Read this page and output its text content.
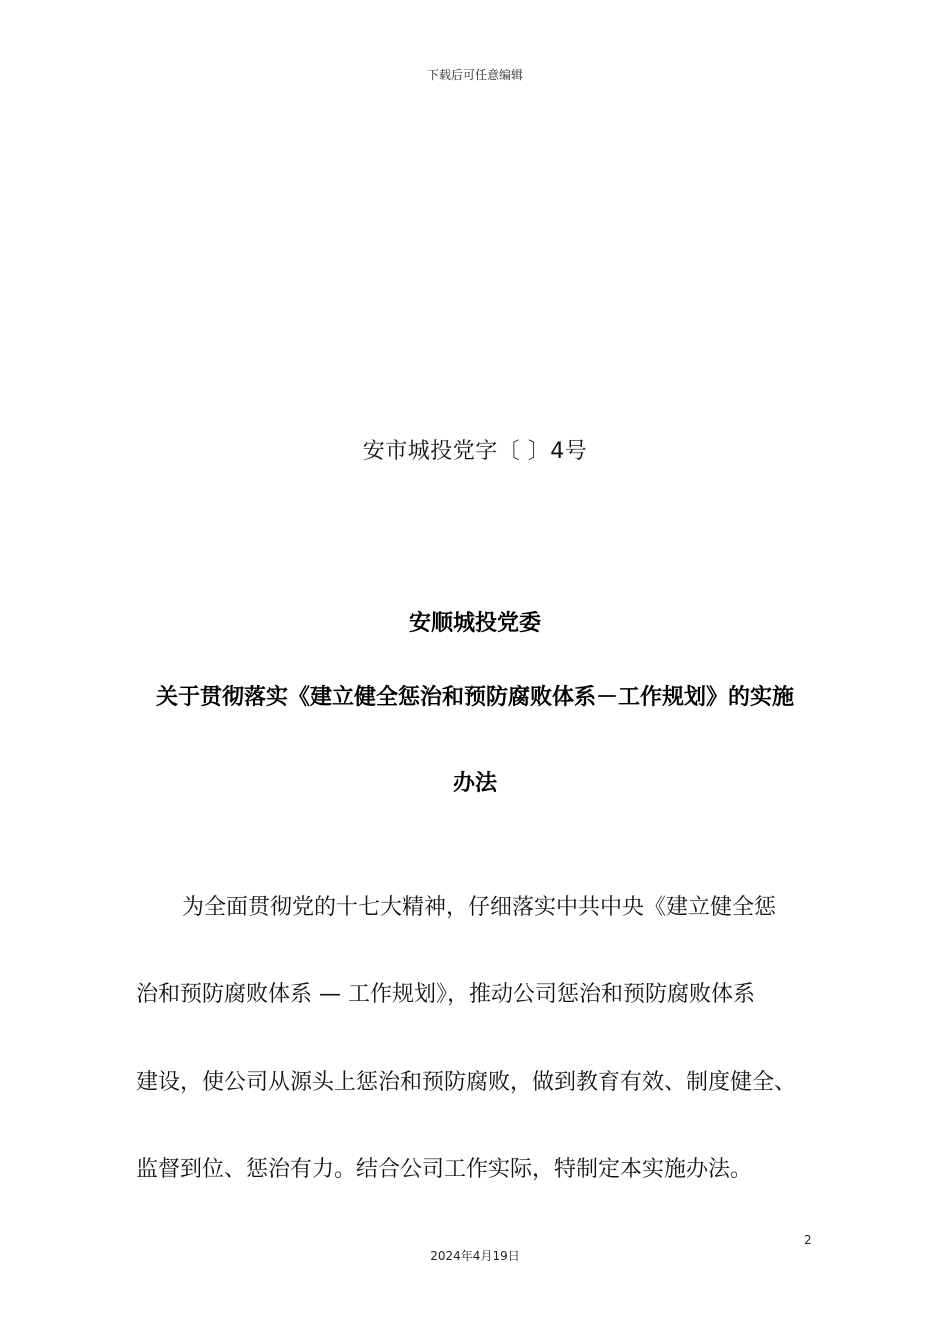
下载后可任意编辑
安市城投党字〔 〕4号
安顺城投党委
关于贯彻落实《建立健全惩治和预防腐败体系－工作规划》的实施
办法
为全面贯彻党的十七大精神，仔细落实中共中央《建立健全惩
治和预防腐败体系 — 工作规划》，推动公司惩治和预防腐败体系
建设，使公司从源头上惩治和预防腐败，做到教育有效、制度健全、
监督到位、惩治有力。结合公司工作实际，特制定本实施办法。
2
2024年4月19日
